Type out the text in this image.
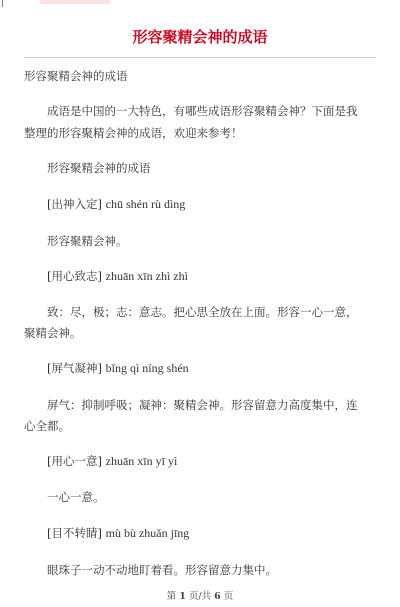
形容聚精会神的成语
形容聚精会神的成语
成语是中国的一大特色，有哪些成语形容聚精会神？下面是我
整理的形容聚精会神的成语，欢迎来参考！
形容聚精会神的成语
[出神入定] chū shén rù dìng
形容聚精会神。
[用心致志] zhuān xīn zhì zhì
致：尽，极；志：意志。把心思全放在上面。形容一心一意，
聚精会神。
[屏气凝神] bǐng qì níng shén
屏气：抑制呼吸；凝神：聚精会神。形容留意力高度集中，连
心全都。
[用心一意] zhuān xīn yī yì
一心一意。
[目不转睛] mù bù zhuǎn jīng
眼珠子一动不动地盯着看。形容留意力集中。
第 1 页/共 6 页
